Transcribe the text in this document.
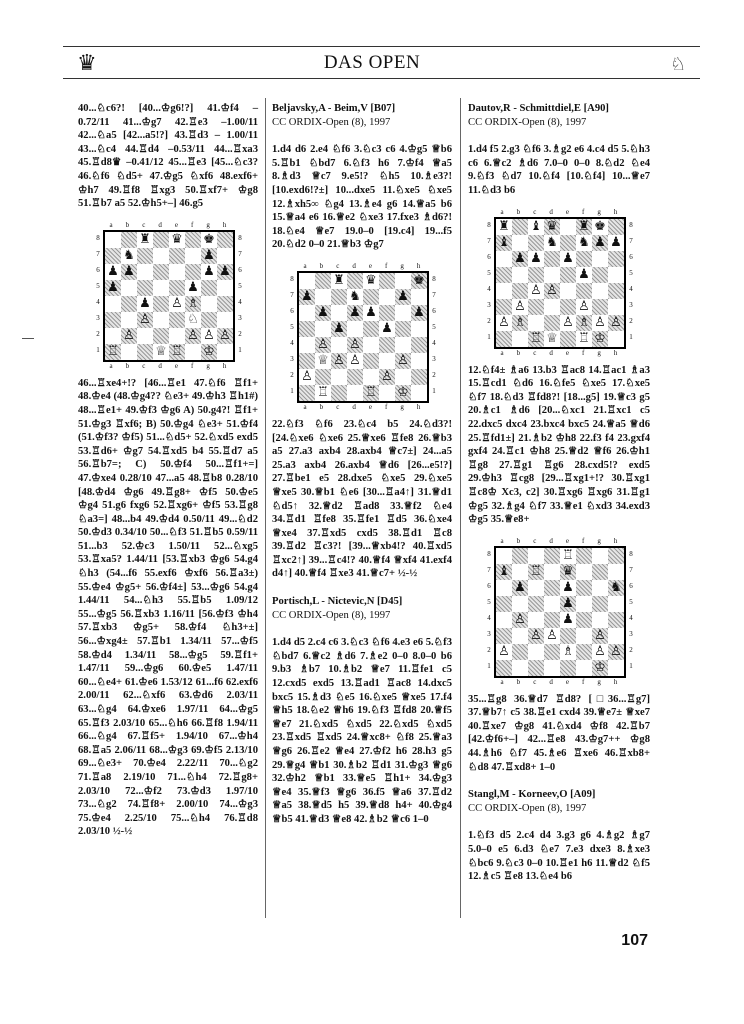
♛	DAS OPEN	♘

40...♘c6?! [40...♔g6!?] 41.♔f4 – 0.72/11 41...♔g7 42.♖e3 –1.00/11 42...♘a5 [42...a5!?] 43.♖d3 – 1.00/11 43...♘c4 44.♖d4 –0.53/11 44...♖xa3 45.♖d8♛ –0.41/12 45...♖e3 [45...♘c3? 46.♘f6 ♘d5+ 47.♔g5 ♘xf6 48.exf6+ ♔h7 49.♖f8 ♖xg3 50.♖xf7+ ♔g8 51.♖b7 a5 52.♔h5+–] 46.g5

a b c d e f g h
8
7
6
5
4
3
2
1
♜ ♛ ♚
♞	♟
♟ ♟	♟ ♟
♟	♟
♟ ♙ ♗
♙	♘
♙	♙ ♙ ♙
♖	♕ ♖ ♔
8
7
6
5
4
3
2
1
a b c d e f g h

46...♖xe4+!? [46...♖e1 47.♘f6 ♖f1+ 48.♔e4 (48.♔g4?? ♘e3+ 49.♔h3 ♖h1#) 48...♖e1+ 49.♔f3 ♔g6 A) 50.g4?! ♖f1+ 51.♔g3 ♖xf6; B) 50.♔g4 ♘e3+ 51.♔f4 (51.♔f3? ♔f5) 51...♘d5+ 52.♘xd5 exd5 53.♖d6+ ♔g7 54.♖xd5 b4 55.♖d7 a5 56.♖b7=; C) 50.♔f4 50...♖f1+=] 47.♔xe4 0.28/10 47...a5 48.♖b8 0.28/10 [48.♔d4 ♔g6 49.♖g8+ ♔f5 50.♔e5 ♔g4 51.g6 fxg6 52.♖xg6+ ♔f5 53.♖g8 ♘a3=] 48...b4 49.♔d4 0.50/11 49...♘d2 50.♔d3 0.34/10 50...♘f3 51.♖b5 0.59/11 51...b3 52.♔c3 1.50/11 52...♘xg5 53.♖xa5? 1.44/11 [53.♖xb3 ♔g6 54.g4 ♘h3 (54...f6 55.exf6 ♔xf6 56.♖a3±) 55.♔e4 ♔g5+ 56.♔f4±] 53...♔g6 54.g4 1.44/11 54...♘h3 55.♖b5 1.09/12 55...♔g5 56.♖xb3 1.16/11 [56.♔f3 ♔h4 57.♖xb3 ♔g5+ 58.♔f4 ♘h3+±] 56...♔xg4± 57.♖b1 1.34/11 57...♔f5 58.♔d4 1.34/11 58...♔g5 59.♖f1+ 1.47/11 59...♔g6 60.♔e5 1.47/11 60...♘e4+ 61.♔e6 1.53/12 61...f6 62.exf6 2.00/11 62...♘xf6 63.♔d6 2.03/11 63...♘g4 64.♔xe6 1.97/11 64...♔g5 65.♖f3 2.03/10 65...♘h6 66.♖f8 1.94/11 66...♘g4 67.♖f5+ 1.94/10 67...♔h4 68.♖a5 2.06/11 68...♔g3 69.♔f5 2.13/10 69...♘e3+ 70.♔e4 2.22/11 70...♘g2 71.♖a8 2.19/10 71...♘h4 72.♖g8+ 2.03/10 72...♔f2 73.♔d3 1.97/10 73...♘g2 74.♖f8+ 2.00/10 74...♔g3 75.♔e4 2.25/10 75...♘h4 76.♖d8 2.03/10 ½-½

Beljavsky,A - Beim,V [B07]

CC ORDIX-Open (8), 1997

1.d4 d6 2.e4 ♘f6 3.♘c3 c6 4.♔g5 ♕b6 5.♖b1 ♘bd7 6.♘f3 h6 7.♔f4 ♕a5 8.♗d3 ♕c7 9.e5!? ♘h5 10.♗e3?! [10.exd6!?±] 10...dxe5 11.♘xe5 ♘xe5 12.♗xh5∞ ♘g4 13.♗e4 g6 14.♕a5 b6 15.♕a4 e6 16.♕e2 ♘xe3 17.fxe3 ♗d6?! 18.♘e4 ♕e7 19.0–0 [19.c4] 19...f5 20.♘d2 0–0 21.♕b3 ♔g7

a b c d e f g h
8
7
6
5
4
3
2
1
♜ ♛	♚
♟	♞	♟
♟ ♟ ♟	♟
♟	♟
♙ ♙
♕ ♙ ♙	♙
♙	♙
♖	♖ ♔
8
7
6
5
4
3
2
1
a b c d e f g h

22.♘f3 ♘f6 23.♘c4 b5 24.♘d3?! [24.♘xe6 ♘xe6 25.♕xe6 ♖fe8 26.♕b3 a5 27.a3 axb4 28.axb4 ♕c7±] 24...a5 25.a3 axb4 26.axb4 ♕d6 [26...e5!?] 27.♖be1 e5 28.dxe5 ♘xe5 29.♘xe5 ♕xe5 30.♕b1 ♘e6 [30...♖a4↑] 31.♕d1 ♘d5↑ 32.♕d2 ♖ad8 33.♕f2 ♘e4 34.♖d1 ♖fe8 35.♖fe1 ♖d5 36.♘xe4 ♕xe4 37.♖xd5 cxd5 38.♖d1 ♖c8 39.♖d2 ♖c3?! [39...♕xb4!? 40.♖xd5 ♖xc2↑] 39...♖c4!? 40.♕f4 ♕xf4 41.exf4 d4↑] 40.♕f4 ♖xe3 41.♕c7+ ½-½

Portisch,L - Nictevic,N [D45]

CC ORDIX-Open (8), 1997

1.d4 d5 2.c4 c6 3.♘c3 ♘f6 4.e3 e6 5.♘f3 ♘bd7 6.♕c2 ♗d6 7.♗e2 0–0 8.0–0 b6 9.b3 ♗b7 10.♗b2 ♕e7 11.♖fe1 c5 12.cxd5 exd5 13.♖ad1 ♖ac8 14.dxc5 bxc5 15.♗d3 ♘e5 16.♘xe5 ♕xe5 17.f4 ♕h5 18.♘e2 ♕h6 19.♘f3 ♖fd8 20.♕f5 ♕e7 21.♘xd5 ♘xd5 22.♘xd5 ♘xd5 23.♖xd5 ♖xd5 24.♕xc8+ ♘f8 25.♕a3 ♕g6 26.♖e2 ♕e4 27.♔f2 h6 28.h3 g5 29.♕g4 ♕b1 30.♗b2 ♖d1 31.♔g3 ♕g6 32.♔h2 ♕b1 33.♕e5 ♖h1+ 34.♔g3 ♕e4 35.♕f3 ♕g6 36.f5 ♕a6 37.♖d2 ♕a5 38.♕d5 h5 39.♕d8 h4+ 40.♔g4 ♕b5 41.♕d3 ♕e8 42.♗b2 ♕c6 1–0

Dautov,R - Schmittdiel,E [A90]

CC ORDIX-Open (8), 1997

1.d4 f5 2.g3 ♘f6 3.♗g2 e6 4.c4 d5 5.♘h3 c6 6.♕c2 ♗d6 7.0–0 0–0 8.♘d2 ♘e4 9.♘f3 ♘d7 10.♘f4 [10.♘f4] 10...♕e7 11.♘d3 b6

a b c d e f g h
8
7
6
5
4
3
2
1
♜ ♝ ♛ ♜ ♚
♝	♞ ♞ ♟ ♟
♟ ♟ ♟
♟
♙ ♙
♙	♙
♙ ♗	♙ ♗ ♙ ♙
♖ ♕ ♖ ♔
8
7
6
5
4
3
2
1
a b c d e f g h

12.♘f4± ♗a6 13.b3 ♖ac8 14.♖ac1 ♗a3 15.♖cd1 ♘d6 16.♘fe5 ♘xe5 17.♘xe5 ♘f7 18.♘d3 ♖fd8?! [18...g5] 19.♕c3 g5 20.♗c1 ♗d6 [20...♘xc1 21.♖xc1 c5 22.dxc5 dxc4 23.bxc4 bxc5 24.♕a5 ♕d6 25.♖fd1±] 21.♗b2 ♔h8 22.f3 f4 23.gxf4 gxf4 24.♖c1 ♔h8 25.♕d2 ♕f6 26.♔h1 ♖g8 27.♖g1 ♖g6 28.cxd5!? exd5 29.♔h3 ♖cg8 [29...♖xg1+!? 30.♖xg1 ♖c8♔ Xc3, c2] 30.♖xg6 ♖xg6 31.♖g1 ♔g5 32.♗g4 ♘f7 33.♕e1 ♘xd3 34.exd3 ♔g5 35.♕e8+

a b c d e f g h
8
7
6
5
4
3
2
1
♖
♝ ♖ ♛
♟	♟	♞
♟
♙	♟
♙ ♙	♙
♙	♗ ♙ ♙
♔
8
7
6
5
4
3
2
1
a b c d e f g h

35...♖g8 36.♕d7 ♖d8? [□36...♖g7] 37.♕b7↑ c5 38.♖e1 cxd4 39.♕e7± ♕xe7 40.♖xe7 ♔g8 41.♘xd4 ♔f8 42.♖b7 [42.♔f6+–] 42...♖e8 43.♔g7++ ♔g8 44.♗h6 ♘f7 45.♗e6 ♖xe6 46.♖xb8+ ♘d8 47.♖xd8+ 1–0

Stangl,M - Korneev,O [A09]

CC ORDIX-Open (8), 1997

1.♘f3 d5 2.c4 d4 3.g3 g6 4.♗g2 ♗g7 5.0–0 e5 6.d3 ♘e7 7.e3 dxe3 8.♗xe3 ♘bc6 9.♘c3 0–0 10.♖e1 h6 11.♕d2 ♘f5 12.♗c5 ♖e8 13.♘e4 b6

107
